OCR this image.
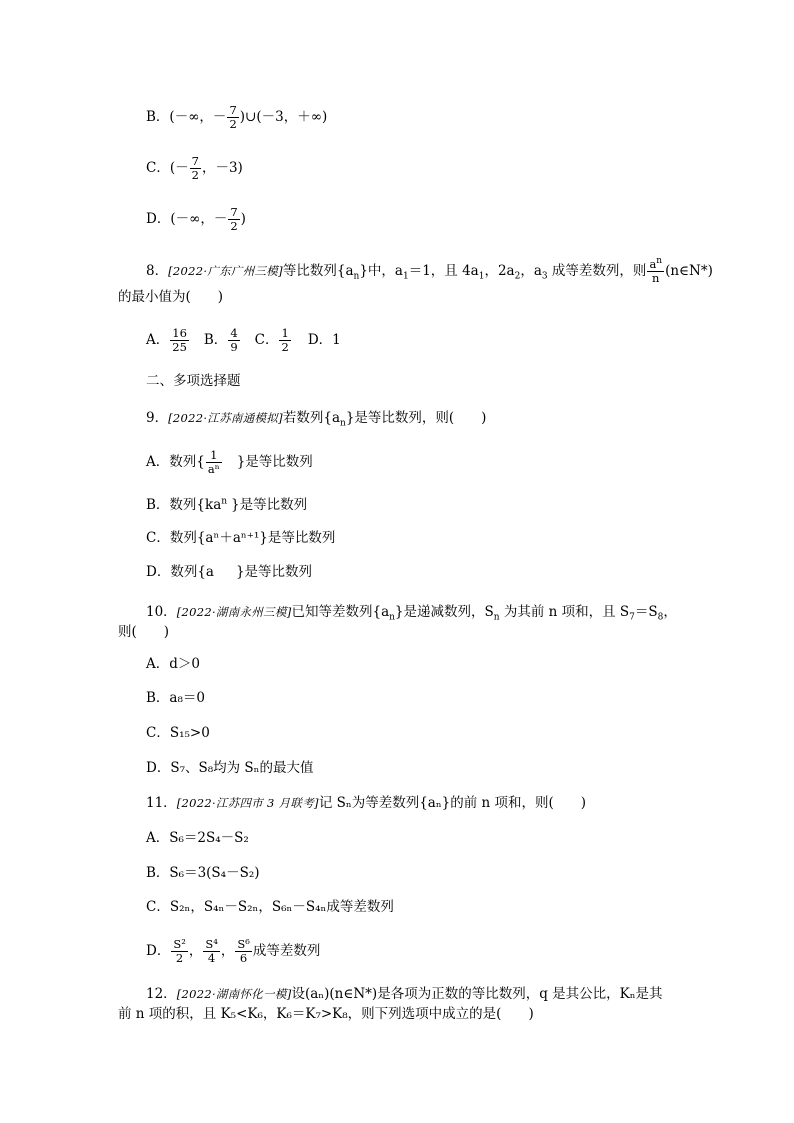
B．(－∞，－ $\frac{7}{2}$ )∪(－3，＋∞)
C．(－ $\frac{7}{2}$ ，－3)
D．(－∞，－ $\frac{7}{2}$ )
8．[2022·广东广州三模]等比数列$\{a_n\}$中，$a_1=1$，且 $4a_1$，$2a_2$，$a_3$ 成等差数列，则 $\frac{a^n}{n}$ (n∈N*)
的最小值为(　　)
A． $\frac{16}{25}$ B． $\frac{4}{9}$ C． $\frac{1}{2}$ D．1
二、多项选择题
9．[2022·江苏南通模拟]若数列$\{a_n\}$是等比数列，则(　　)
A．数列{ $\frac{1}{\text{aⁿ}}$ }是等比数列
B．数列{$ka^n$ }是等比数列
C．数列{aⁿ＋aⁿ⁺¹}是等比数列
D．数列{a }是等比数列
10．[2022·湖南永州三模]已知等差数列$\{a_n\}$是递减数列，$S_n$ 为其前 n 项和，且 $S_7=S_8$，
则(　　)
A．d＞0
B．a₈＝0
C．S₁₅>0
D．S₇、S₈均为 Sₙ的最大值
11．[2022·江苏四市 3 月联考]记 Sₙ为等差数列{aₙ}的前 n 项和，则(　　)
A．S₆＝2S₄－S₂
B．S₆＝3(S₄－S₂)
C．S₂ₙ，S₄ₙ－S₂ₙ，S₆ₙ－S₄ₙ成等差数列
D． $\frac{\text{S²}}{2}$ ， $\frac{\text{S⁴}}{4}$ ， $\frac{\text{S⁶}}{6}$ 成等差数列
12．[2022·湖南怀化一模]设(aₙ)(n∈N*)是各项为正数的等比数列，q 是其公比，Kₙ是其
前 n 项的积，且 K₅<K₆，K₆＝K₇>K₈，则下列选项中成立的是(　　)
